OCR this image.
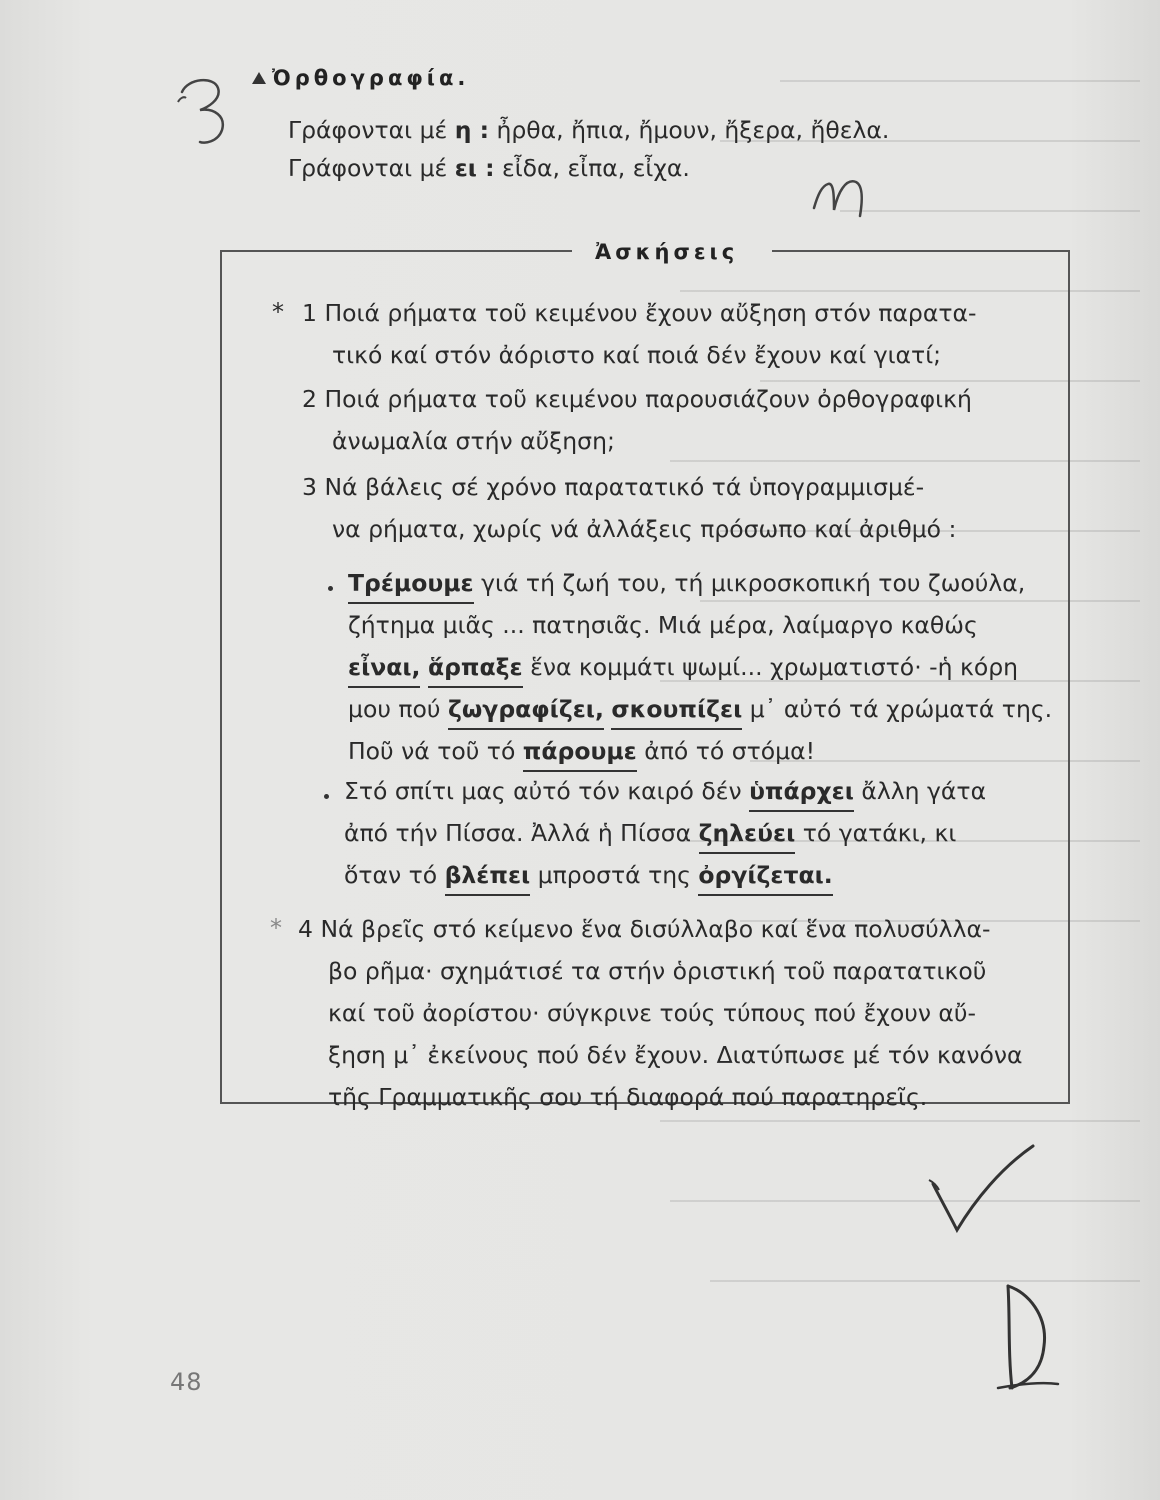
Ὀρθογραφία.
Γράφονται μέ η : ἦρθα, ἤπια, ἤμουν, ἤξερα, ἤθελα.
Γράφονται μέ ει : εἶδα, εἶπα, εἶχα.
Ἀσκήσεις
* 1 Ποιά ρήματα τοῦ κειμένου ἔχουν αὔξηση στόν παρατα-
τικό καί στόν ἀόριστο καί ποιά δέν ἔχουν καί γιατί;
2 Ποιά ρήματα τοῦ κειμένου παρουσιάζουν ὀρθογραφική
ἀνωμαλία στήν αὔξηση;
3 Νά βάλεις σέ χρόνο παρατατικό τά ὑπογραμμισμέ-
να ρήματα, χωρίς νά ἀλλάξεις πρόσωπο καί ἀριθμό :
Τρέμουμε γιά τή ζωή του, τή μικροσκοπική του ζωούλα,
ζήτημα μιᾶς ... πατησιᾶς. Μιά μέρα, λαίμαργο καθώς
εἶναι, ἅρπαξε ἕνα κομμάτι ψωμί... χρωματιστό· -ἡ κόρη
μου πού ζωγραφίζει, σκουπίζει μ᾽ αὐτό τά χρώματά της.
Ποῦ νά τοῦ τό πάρουμε ἀπό τό στόμα!
Στό σπίτι μας αὐτό τόν καιρό δέν ὑπάρχει ἄλλη γάτα
ἀπό τήν Πίσσα. Ἀλλά ἡ Πίσσα ζηλεύει τό γατάκι, κι
ὅταν τό βλέπει μπροστά της ὀργίζεται.
* 4 Νά βρεῖς στό κείμενο ἕνα δισύλλαβο καί ἕνα πολυσύλλα-
βο ρῆμα· σχημάτισέ τα στήν ὁριστική τοῦ παρατατικοῦ
καί τοῦ ἀορίστου· σύγκρινε τούς τύπους πού ἔχουν αὔ-
ξηση μ᾽ ἐκείνους πού δέν ἔχουν. Διατύπωσε μέ τόν κανόνα
τῆς Γραμματικῆς σου τή διαφορά πού παρατηρεῖς.
48
